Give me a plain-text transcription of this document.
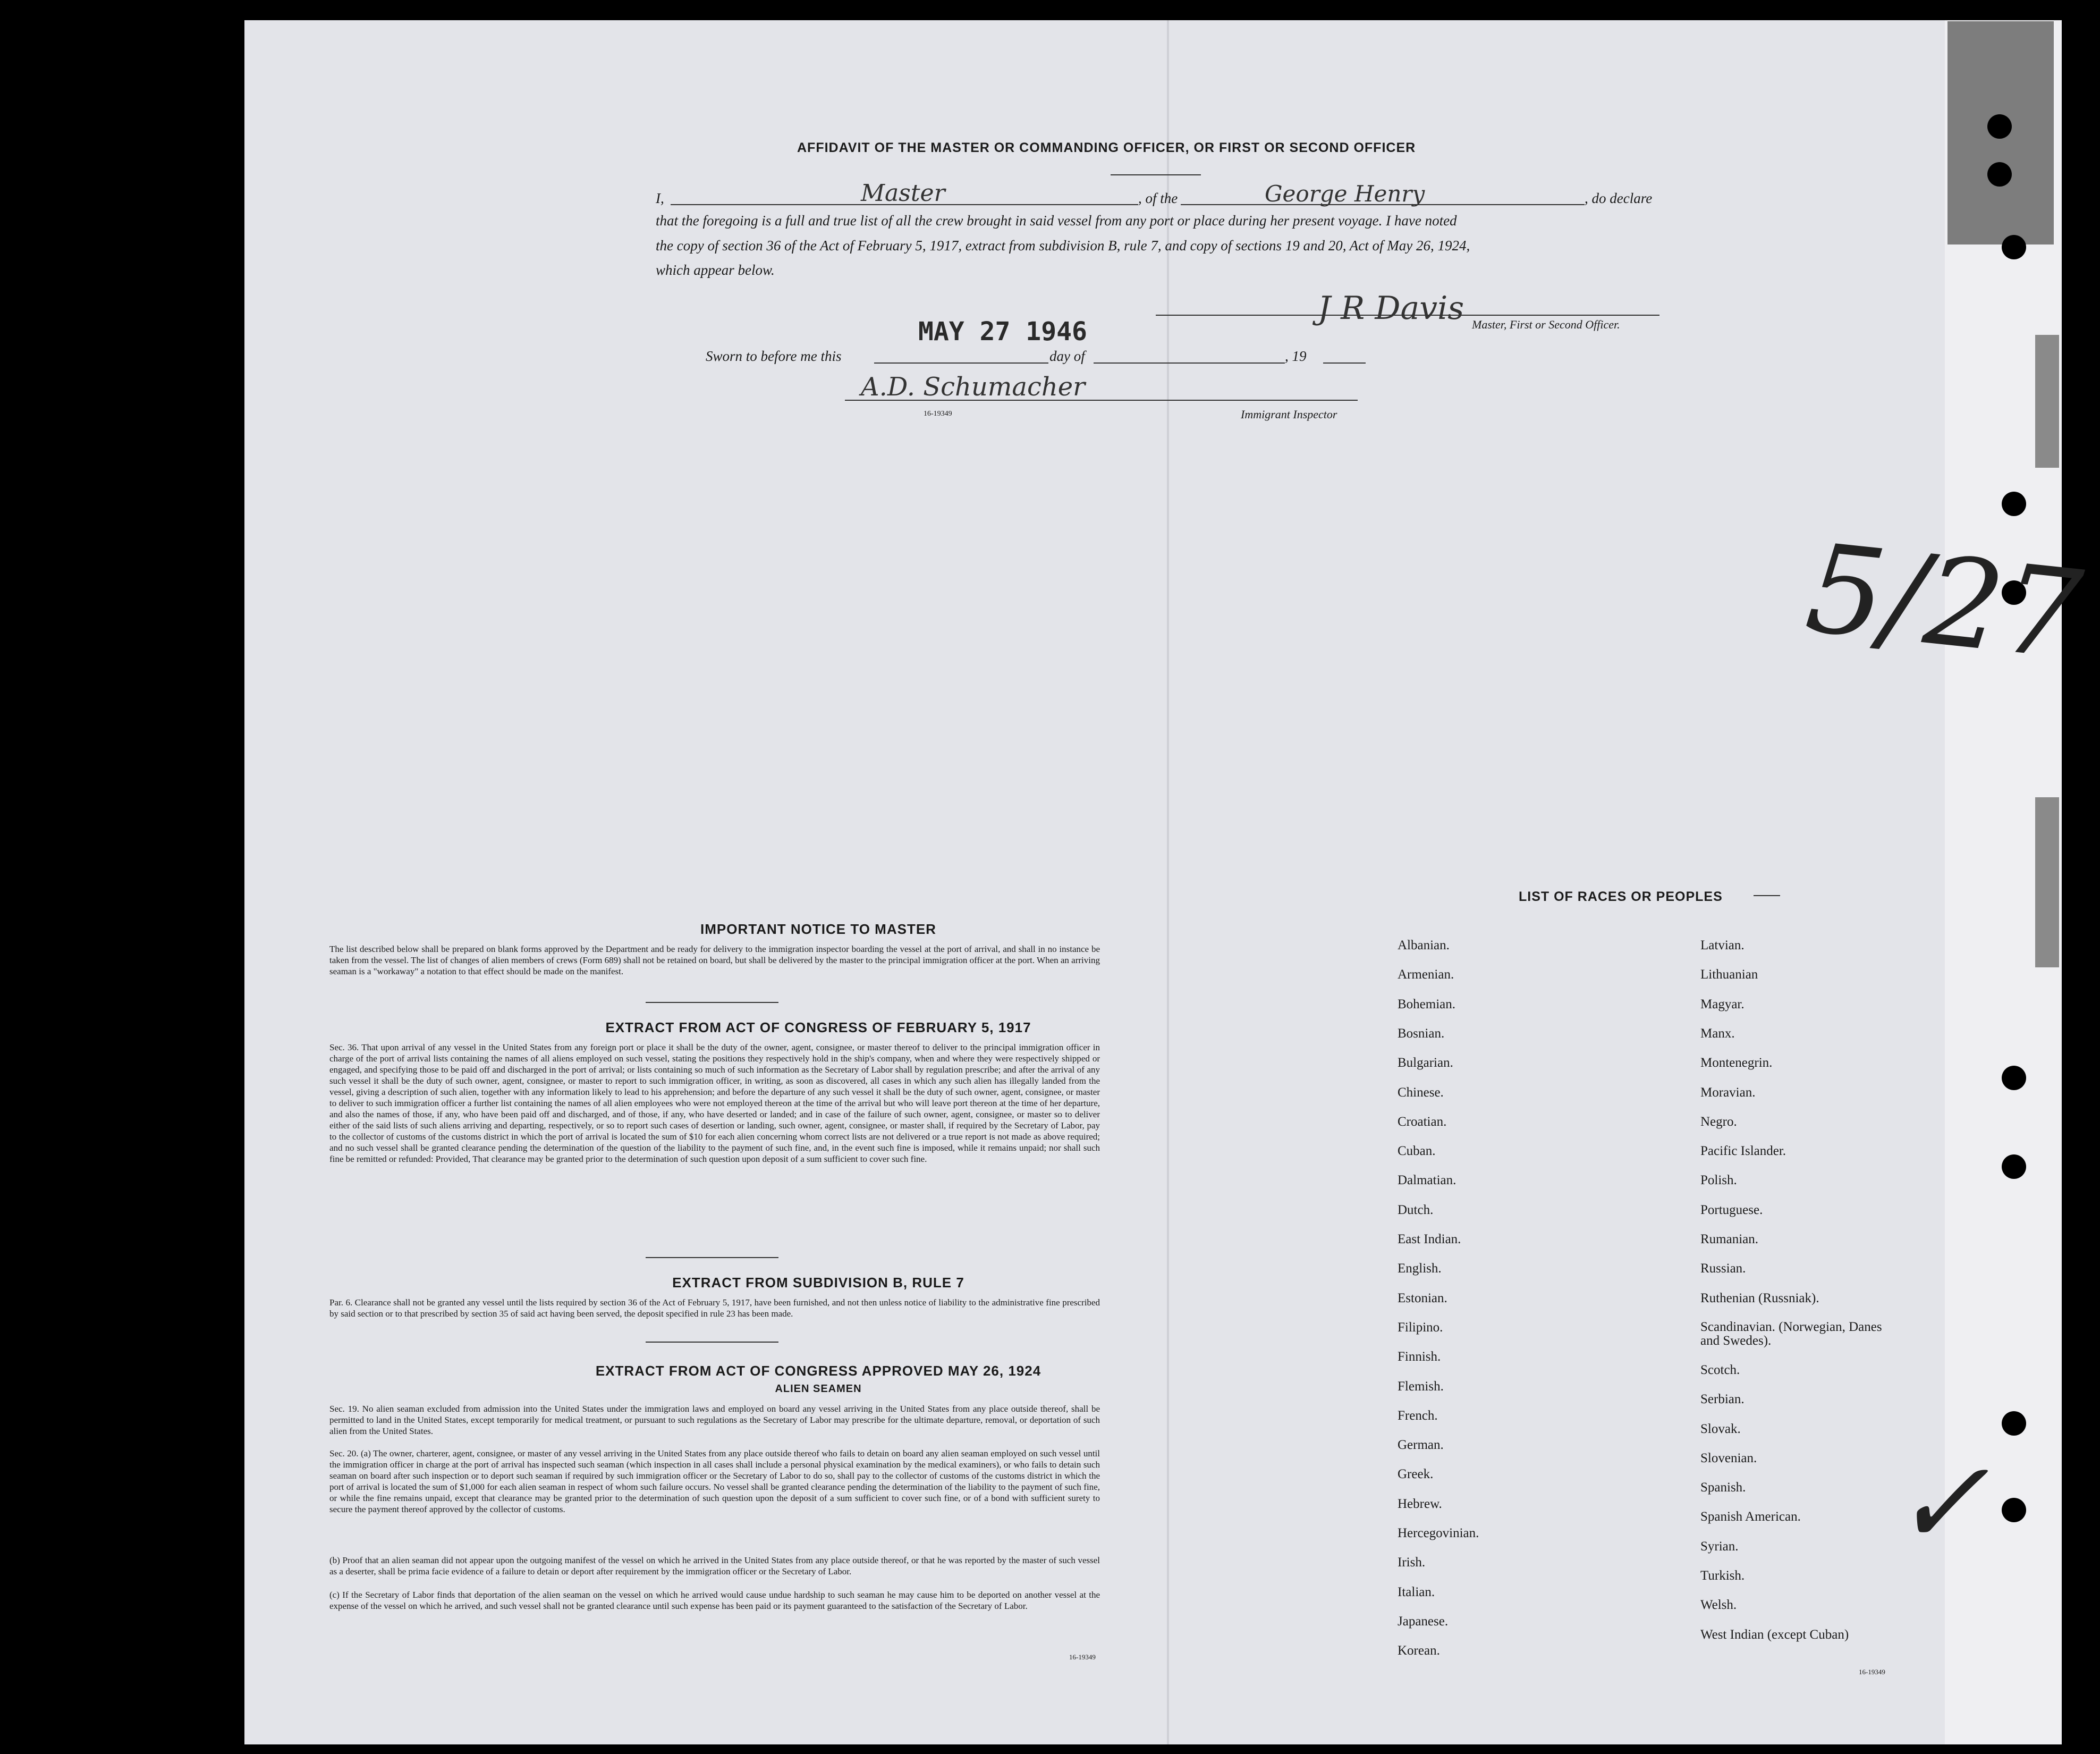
AFFIDAVIT OF THE MASTER OR COMMANDING OFFICER, OR FIRST OR SECOND OFFICER
I,	Master	, of the	George Henry	, do declare
that the foregoing is a full and true list of all the crew brought in said vessel from any port or place during her present voyage. I have noted
the copy of section 36 of the Act of February 5, 1917, extract from subdivision B, rule 7, and copy of sections 19 and 20, Act of May 26, 1924,
which appear below.
J R Davis Master, First or Second Officer.
MAY 27 1946
Sworn to before me this	day of	, 19
A.D. Schumacher
16-19349	Immigrant Inspector
5/27
✓
IMPORTANT NOTICE TO MASTER
The list described below shall be prepared on blank forms approved by the Department and be ready for delivery to the immigration inspector boarding the vessel at the port of arrival, and shall in no instance be taken from the vessel. The list of changes of alien members of crews (Form 689) shall not be retained on board, but shall be delivered by the master to the principal immigration officer at the port. When an arriving seaman is a "workaway" a notation to that effect should be made on the manifest.
EXTRACT FROM ACT OF CONGRESS OF FEBRUARY 5, 1917
Sec. 36. That upon arrival of any vessel in the United States from any foreign port or place it shall be the duty of the owner, agent, consignee, or master thereof to deliver to the principal immigration officer in charge of the port of arrival lists containing the names of all aliens employed on such vessel, stating the positions they respectively hold in the ship's company, when and where they were respectively shipped or engaged, and specifying those to be paid off and discharged in the port of arrival; or lists containing so much of such information as the Secretary of Labor shall by regulation prescribe; and after the arrival of any such vessel it shall be the duty of such owner, agent, consignee, or master to report to such immigration officer, in writing, as soon as discovered, all cases in which any such alien has illegally landed from the vessel, giving a description of such alien, together with any information likely to lead to his apprehension; and before the departure of any such vessel it shall be the duty of such owner, agent, consignee, or master to deliver to such immigration officer a further list containing the names of all alien employees who were not employed thereon at the time of the arrival but who will leave port thereon at the time of her departure, and also the names of those, if any, who have been paid off and discharged, and of those, if any, who have deserted or landed; and in case of the failure of such owner, agent, consignee, or master so to deliver either of the said lists of such aliens arriving and departing, respectively, or so to report such cases of desertion or landing, such owner, agent, consignee, or master shall, if required by the Secretary of Labor, pay to the collector of customs of the customs district in which the port of arrival is located the sum of $10 for each alien concerning whom correct lists are not delivered or a true report is not made as above required; and no such vessel shall be granted clearance pending the determination of the question of the liability to the payment of such fine, and, in the event such fine is imposed, while it remains unpaid; nor shall such fine be remitted or refunded: Provided, That clearance may be granted prior to the determination of such question upon deposit of a sum sufficient to cover such fine.
EXTRACT FROM SUBDIVISION B, RULE 7
Par. 6. Clearance shall not be granted any vessel until the lists required by section 36 of the Act of February 5, 1917, have been furnished, and not then unless notice of liability to the administrative fine prescribed by said section or to that prescribed by section 35 of said act having been served, the deposit specified in rule 23 has been made.
EXTRACT FROM ACT OF CONGRESS APPROVED MAY 26, 1924
ALIEN SEAMEN
Sec. 19. No alien seaman excluded from admission into the United States under the immigration laws and employed on board any vessel arriving in the United States from any place outside thereof, shall be permitted to land in the United States, except temporarily for medical treatment, or pursuant to such regulations as the Secretary of Labor may prescribe for the ultimate departure, removal, or deportation of such alien from the United States.
Sec. 20. (a) The owner, charterer, agent, consignee, or master of any vessel arriving in the United States from any place outside thereof who fails to detain on board any alien seaman employed on such vessel until the immigration officer in charge at the port of arrival has inspected such seaman (which inspection in all cases shall include a personal physical examination by the medical examiners), or who fails to detain such seaman on board after such inspection or to deport such seaman if required by such immigration officer or the Secretary of Labor to do so, shall pay to the collector of customs of the customs district in which the port of arrival is located the sum of $1,000 for each alien seaman in respect of whom such failure occurs. No vessel shall be granted clearance pending the determination of the liability to the payment of such fine, or while the fine remains unpaid, except that clearance may be granted prior to the determination of such question upon the deposit of a sum sufficient to cover such fine, or of a bond with sufficient surety to secure the payment thereof approved by the collector of customs.
(b) Proof that an alien seaman did not appear upon the outgoing manifest of the vessel on which he arrived in the United States from any place outside thereof, or that he was reported by the master of such vessel as a deserter, shall be prima facie evidence of a failure to detain or deport after requirement by the immigration officer or the Secretary of Labor.
(c) If the Secretary of Labor finds that deportation of the alien seaman on the vessel on which he arrived would cause undue hardship to such seaman he may cause him to be deported on another vessel at the expense of the vessel on which he arrived, and such vessel shall not be granted clearance until such expense has been paid or its payment guaranteed to the satisfaction of the Secretary of Labor.
16-19349
LIST OF RACES OR PEOPLES
Albanian.
Armenian.
Bohemian.
Bosnian.
Bulgarian.
Chinese.
Croatian.
Cuban.
Dalmatian.
Dutch.
East Indian.
English.
Estonian.
Filipino.
Finnish.
Flemish.
French.
German.
Greek.
Hebrew.
Hercegovinian.
Irish.
Italian.
Japanese.
Korean.
Latvian.
Lithuanian
Magyar.
Manx.
Montenegrin.
Moravian.
Negro.
Pacific Islander.
Polish.
Portuguese.
Rumanian.
Russian.
Ruthenian (Russniak).
Scandinavian. (Norwegian, Danes and Swedes).
Scotch.
Serbian.
Slovak.
Slovenian.
Spanish.
Spanish American.
Syrian.
Turkish.
Welsh.
West Indian (except Cuban)
16-19349
